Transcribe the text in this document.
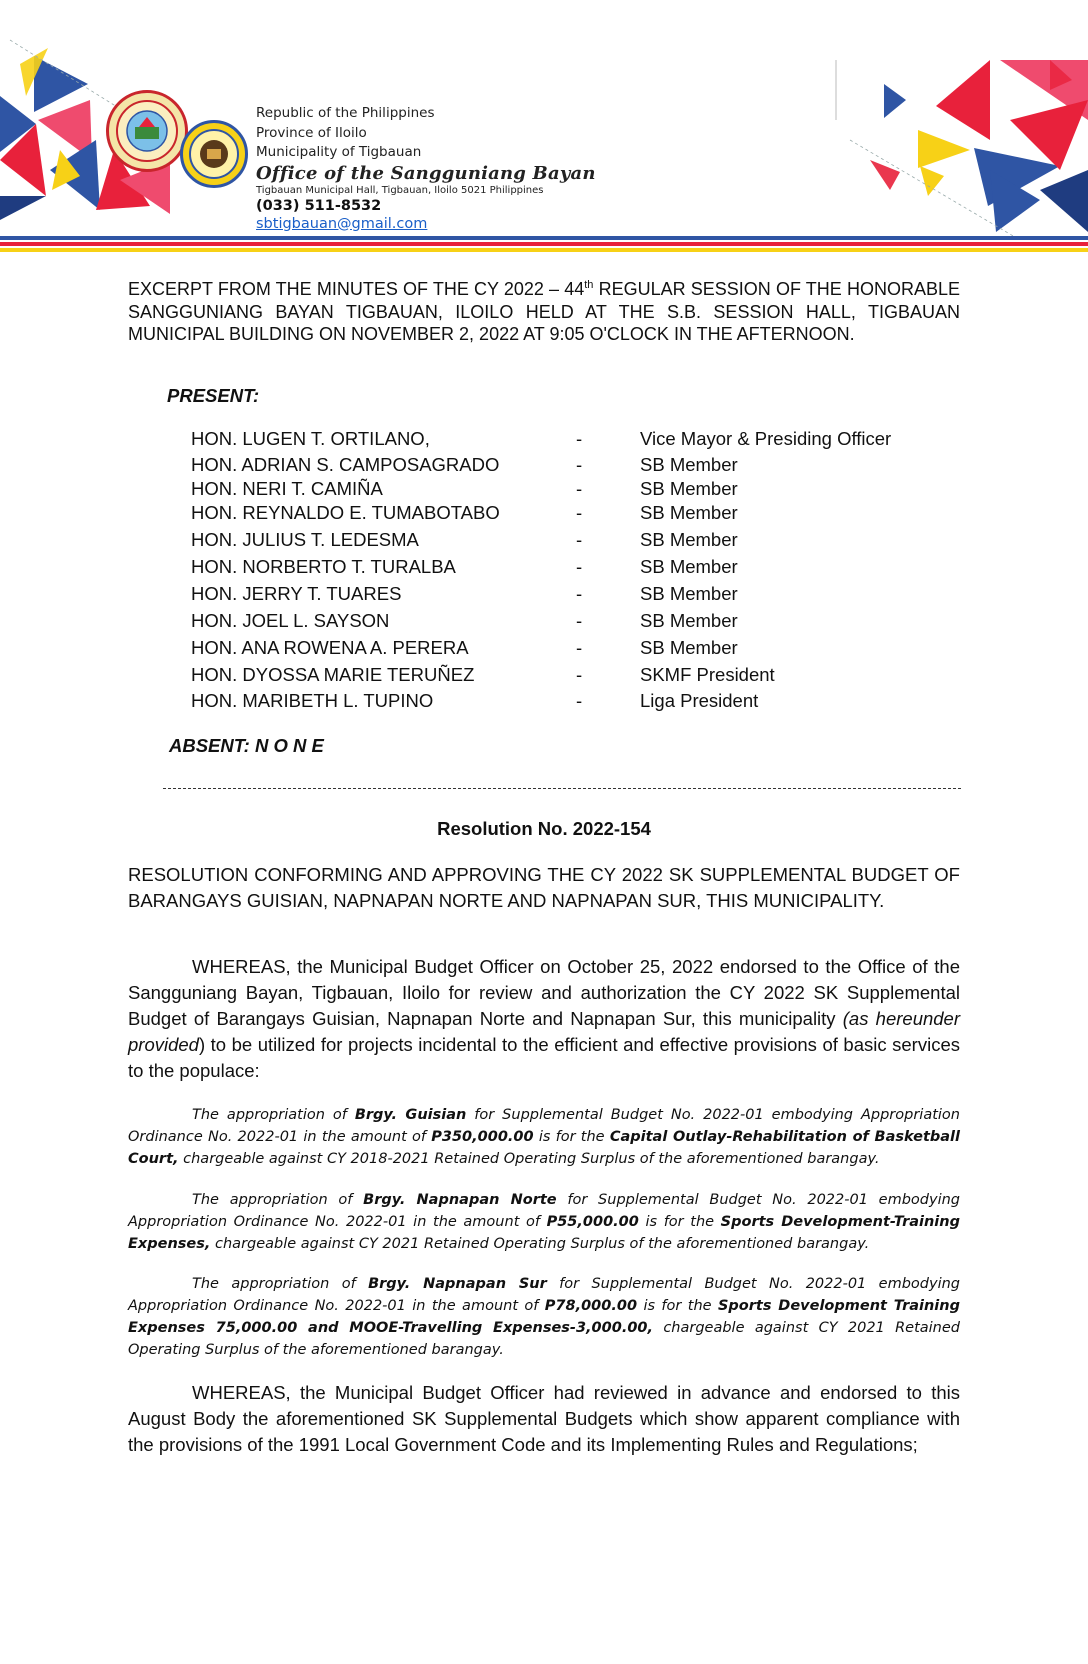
Republic of the Philippines
Province of Iloilo
Municipality of Tigbauan
Office of the Sangguniang Bayan
Tigbauan Municipal Hall, Tigbauan, Iloilo 5021 Philippines
(033) 511-8532
sbtigbauan@gmail.com
EXCERPT FROM THE MINUTES OF THE CY 2022 – 44th REGULAR SESSION OF THE HONORABLE SANGGUNIANG BAYAN TIGBAUAN, ILOILO HELD AT THE S.B. SESSION HALL, TIGBAUAN MUNICIPAL BUILDING ON NOVEMBER 2, 2022 AT 9:05 O'CLOCK IN THE AFTERNOON.
PRESENT:
HON. LUGEN T. ORTILANO,	-	Vice Mayor & Presiding Officer
HON. ADRIAN S. CAMPOSAGRADO	-	SB Member
HON. NERI T. CAMIÑA	-	SB Member
HON. REYNALDO E. TUMABOTABO	-	SB Member
HON. JULIUS T. LEDESMA	-	SB Member
HON. NORBERTO T. TURALBA	-	SB Member
HON. JERRY T. TUARES	-	SB Member
HON. JOEL L. SAYSON	-	SB Member
HON. ANA ROWENA A. PERERA	-	SB Member
HON. DYOSSA MARIE TERUÑEZ	-	SKMF President
HON. MARIBETH L. TUPINO	-	Liga President
ABSENT: N O N E
Resolution No. 2022-154
RESOLUTION CONFORMING AND APPROVING THE CY 2022 SK SUPPLEMENTAL BUDGET OF BARANGAYS GUISIAN, NAPNAPAN NORTE AND NAPNAPAN SUR, THIS MUNICIPALITY.
WHEREAS, the Municipal Budget Officer on October 25, 2022 endorsed to the Office of the Sangguniang Bayan, Tigbauan, Iloilo for review and authorization the CY 2022 SK Supplemental Budget of Barangays Guisian, Napnapan Norte and Napnapan Sur, this municipality (as hereunder provided) to be utilized for projects incidental to the efficient and effective provisions of basic services to the populace:
The appropriation of Brgy. Guisian for Supplemental Budget No. 2022-01 embodying Appropriation Ordinance No. 2022-01 in the amount of P350,000.00 is for the Capital Outlay-Rehabilitation of Basketball Court, chargeable against CY 2018-2021 Retained Operating Surplus of the aforementioned barangay.
The appropriation of Brgy. Napnapan Norte for Supplemental Budget No. 2022-01 embodying Appropriation Ordinance No. 2022-01 in the amount of P55,000.00 is for the Sports Development-Training Expenses, chargeable against CY 2021 Retained Operating Surplus of the aforementioned barangay.
The appropriation of Brgy. Napnapan Sur for Supplemental Budget No. 2022-01 embodying Appropriation Ordinance No. 2022-01 in the amount of P78,000.00 is for the Sports Development Training Expenses 75,000.00 and MOOE-Travelling Expenses-3,000.00, chargeable against CY 2021 Retained Operating Surplus of the aforementioned barangay.
WHEREAS, the Municipal Budget Officer had reviewed in advance and endorsed to this August Body the aforementioned SK Supplemental Budgets which show apparent compliance with the provisions of the 1991 Local Government Code and its Implementing Rules and Regulations;
